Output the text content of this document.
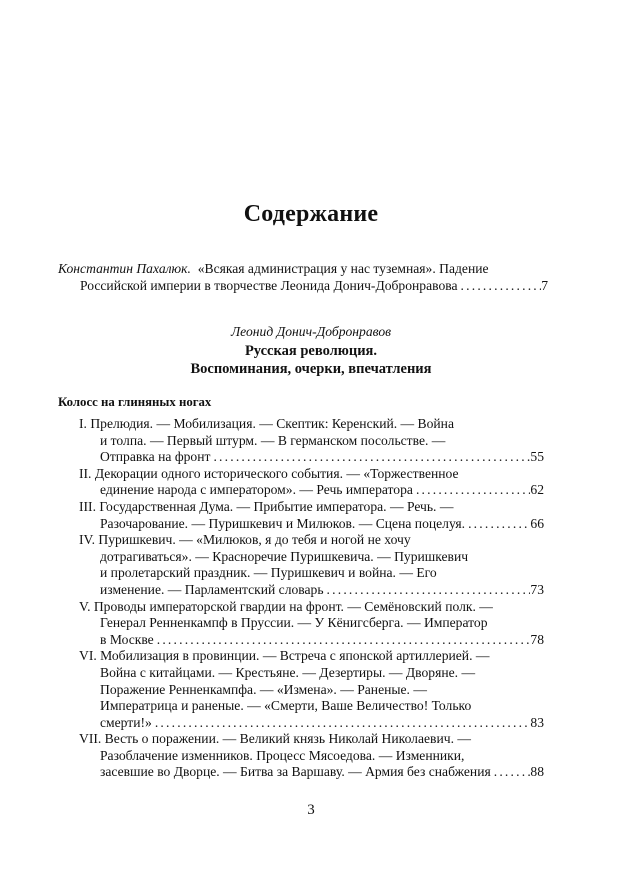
Содержание
Константин Пахалюк. «Всякая администрация у нас туземная». Падение
Российской империи в творчестве Леонида Донич-Добронравова . . .	7
Леонид Донич-Добронравов
Русская революция.
Воспоминания, очерки, впечатления
Колосс на глиняных ногах
I. Прелюдия. — Мобилизация. — Скептик: Керенский. — Война
и толпа. — Первый штурм. — В германском посольстве. —
Отправка на фронт . . .	55
II. Декорации одного исторического события. — «Торжественное
единение народа с императором». — Речь императора . . .	62
III. Государственная Дума. — Прибытие императора. — Речь. —
Разочарование. — Пуришкевич и Милюков. — Сцена поцелуя. . . .	66
IV. Пуришкевич. — «Милюков, я до тебя и ногой не хочу
дотрагиваться». — Красноречие Пуришкевича. — Пуришкевич
и пролетарский праздник. — Пуришкевич и война. — Его
изменение. — Парламентский словарь . . .	73
V. Проводы императорской гвардии на фронт. — Семёновский полк. —
Генерал Ренненкампф в Пруссии. — У Кёнигсберга. — Император
в Москве . . .	78
VI. Мобилизация в провинции. — Встреча с японской артиллерией. —
Война с китайцами. — Крестьяне. — Дезертиры. — Дворяне. —
Поражение Ренненкампфа. — «Измена». — Раненые. —
Императрица и раненые. — «Смерти, Ваше Величество! Только
смерти!» . . .	83
VII. Весть о поражении. — Великий князь Николай Николаевич. —
Разоблачение изменников. Процесс Мясоедова. — Изменники,
засевшие во Дворце. — Битва за Варшаву. — Армия без снабжения . . .	88
3
